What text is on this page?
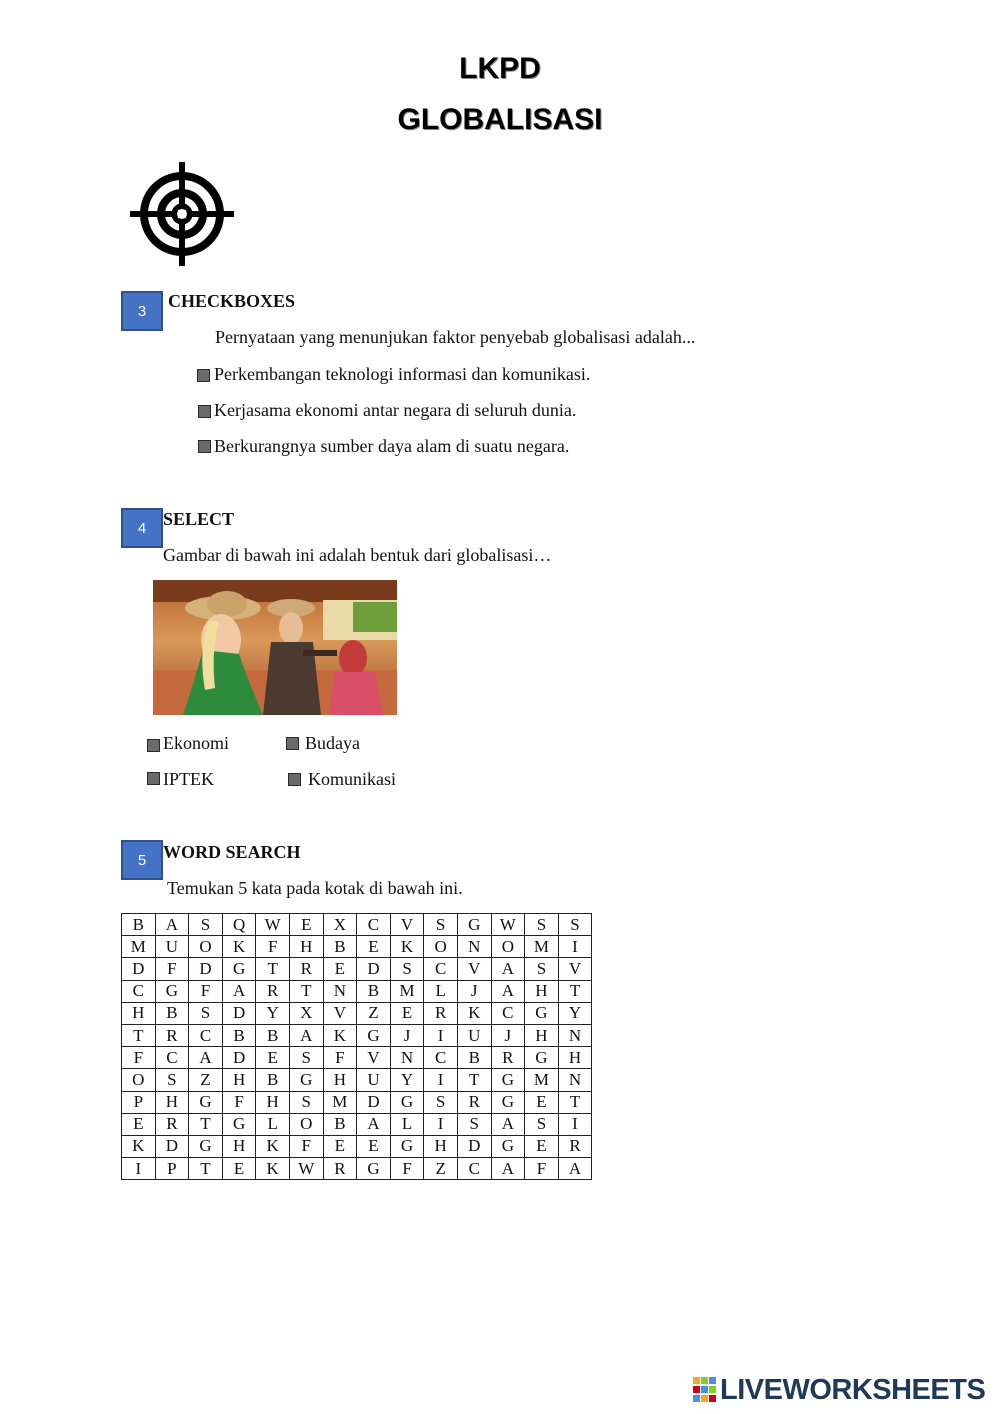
LKPD
GLOBALISASI
3	CHECKBOXES
Pernyataan yang menunjukan faktor penyebab globalisasi adalah...
Perkembangan teknologi informasi dan komunikasi.
Kerjasama ekonomi antar negara di seluruh dunia.
Berkurangnya sumber daya alam di suatu negara.
4 SELECT
Gambar di bawah ini adalah bentuk dari globalisasi…
Ekonomi	Budaya
IPTEK	Komunikasi
5 WORD SEARCH
Temukan 5 kata pada kotak di bawah ini.
B	A	S	Q	W	E	X	C	V	S	G	W	S	S
M	U	O	K	F	H	B	E	K	O	N	O	M	I
D	F	D	G	T	R	E	D	S	C	V	A	S	V
C	G	F	A	R	T	N	B	M	L	J	A	H	T
H	B	S	D	Y	X	V	Z	E	R	K	C	G	Y
T	R	C	B	B	A	K	G	J	I	U	J	H	N
F	C	A	D	E	S	F	V	N	C	B	R	G	H
O	S	Z	H	B	G	H	U	Y	I	T	G	M	N
P	H	G	F	H	S	M	D	G	S	R	G	E	T
E	R	T	G	L	O	B	A	L	I	S	A	S	I
K	D	G	H	K	F	E	E	G	H	D	G	E	R
I	P	T	E	K	W	R	G	F	Z	C	A	F	A
LIVEWORKSHEETS
